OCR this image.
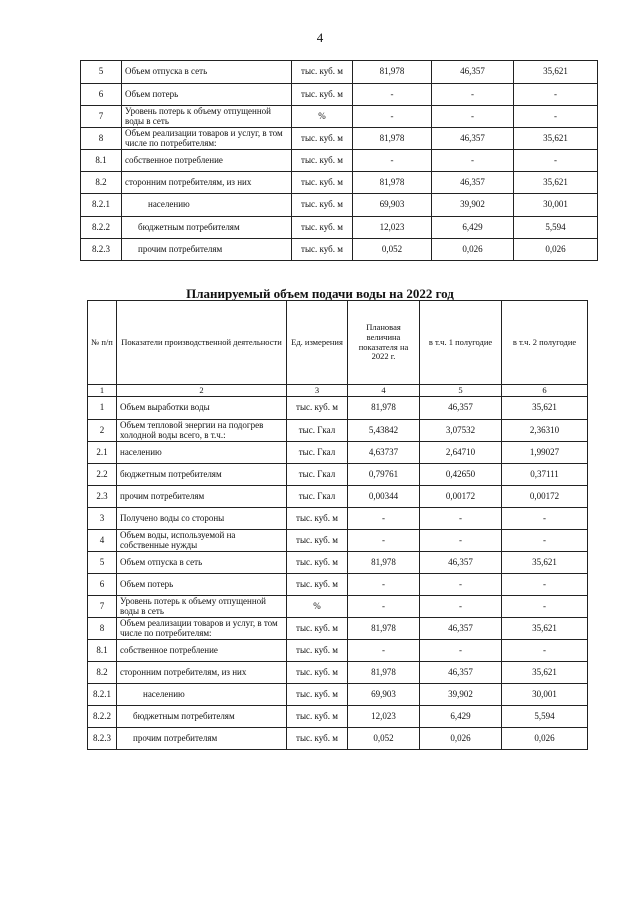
4
5	Объем отпуска в сеть	тыс. куб. м	81,978	46,357	35,621
6	Объем потерь	тыс. куб. м	-	-	-
7	Уровень потерь к объему отпущенной воды в сеть	%	-	-	-
8	Объем реализации товаров и услуг, в том числе по потребителям:	тыс. куб. м	81,978	46,357	35,621
8.1	собственное потребление	тыс. куб. м	-	-	-
8.2	сторонним потребителям, из них	тыс. куб. м	81,978	46,357	35,621
8.2.1	населению	тыс. куб. м	69,903	39,902	30,001
8.2.2	бюджетным потребителям	тыс. куб. м	12,023	6,429	5,594
8.2.3	прочим потребителям	тыс. куб. м	0,052	0,026	0,026
Планируемый объем подачи воды на 2022 год
№ п/п	Показатели производственной деятельности	Ед. измерения	Плановая величина показателя на 2022 г.	в т.ч. 1 полугодие	в т.ч. 2 полугодие
1	2	3	4	5	6
1	Объем выработки воды	тыс. куб. м	81,978	46,357	35,621
2	Объем тепловой энергии на подогрев холодной воды всего, в т.ч.:	тыс. Гкал	5,43842	3,07532	2,36310
2.1	населению	тыс. Гкал	4,63737	2,64710	1,99027
2.2	бюджетным потребителям	тыс. Гкал	0,79761	0,42650	0,37111
2.3	прочим потребителям	тыс. Гкал	0,00344	0,00172	0,00172
3	Получено воды со стороны	тыс. куб. м	-	-	-
4	Объем воды, используемой на собственные нужды	тыс. куб. м	-	-	-
5	Объем отпуска в сеть	тыс. куб. м	81,978	46,357	35,621
6	Объем потерь	тыс. куб. м	-	-	-
7	Уровень потерь к объему отпущенной воды в сеть	%	-	-	-
8	Объем реализации товаров и услуг, в том числе по потребителям:	тыс. куб. м	81,978	46,357	35,621
8.1	собственное потребление	тыс. куб. м	-	-	-
8.2	сторонним потребителям, из них	тыс. куб. м	81,978	46,357	35,621
8.2.1	населению	тыс. куб. м	69,903	39,902	30,001
8.2.2	бюджетным потребителям	тыс. куб. м	12,023	6,429	5,594
8.2.3	прочим потребителям	тыс. куб. м	0,052	0,026	0,026
